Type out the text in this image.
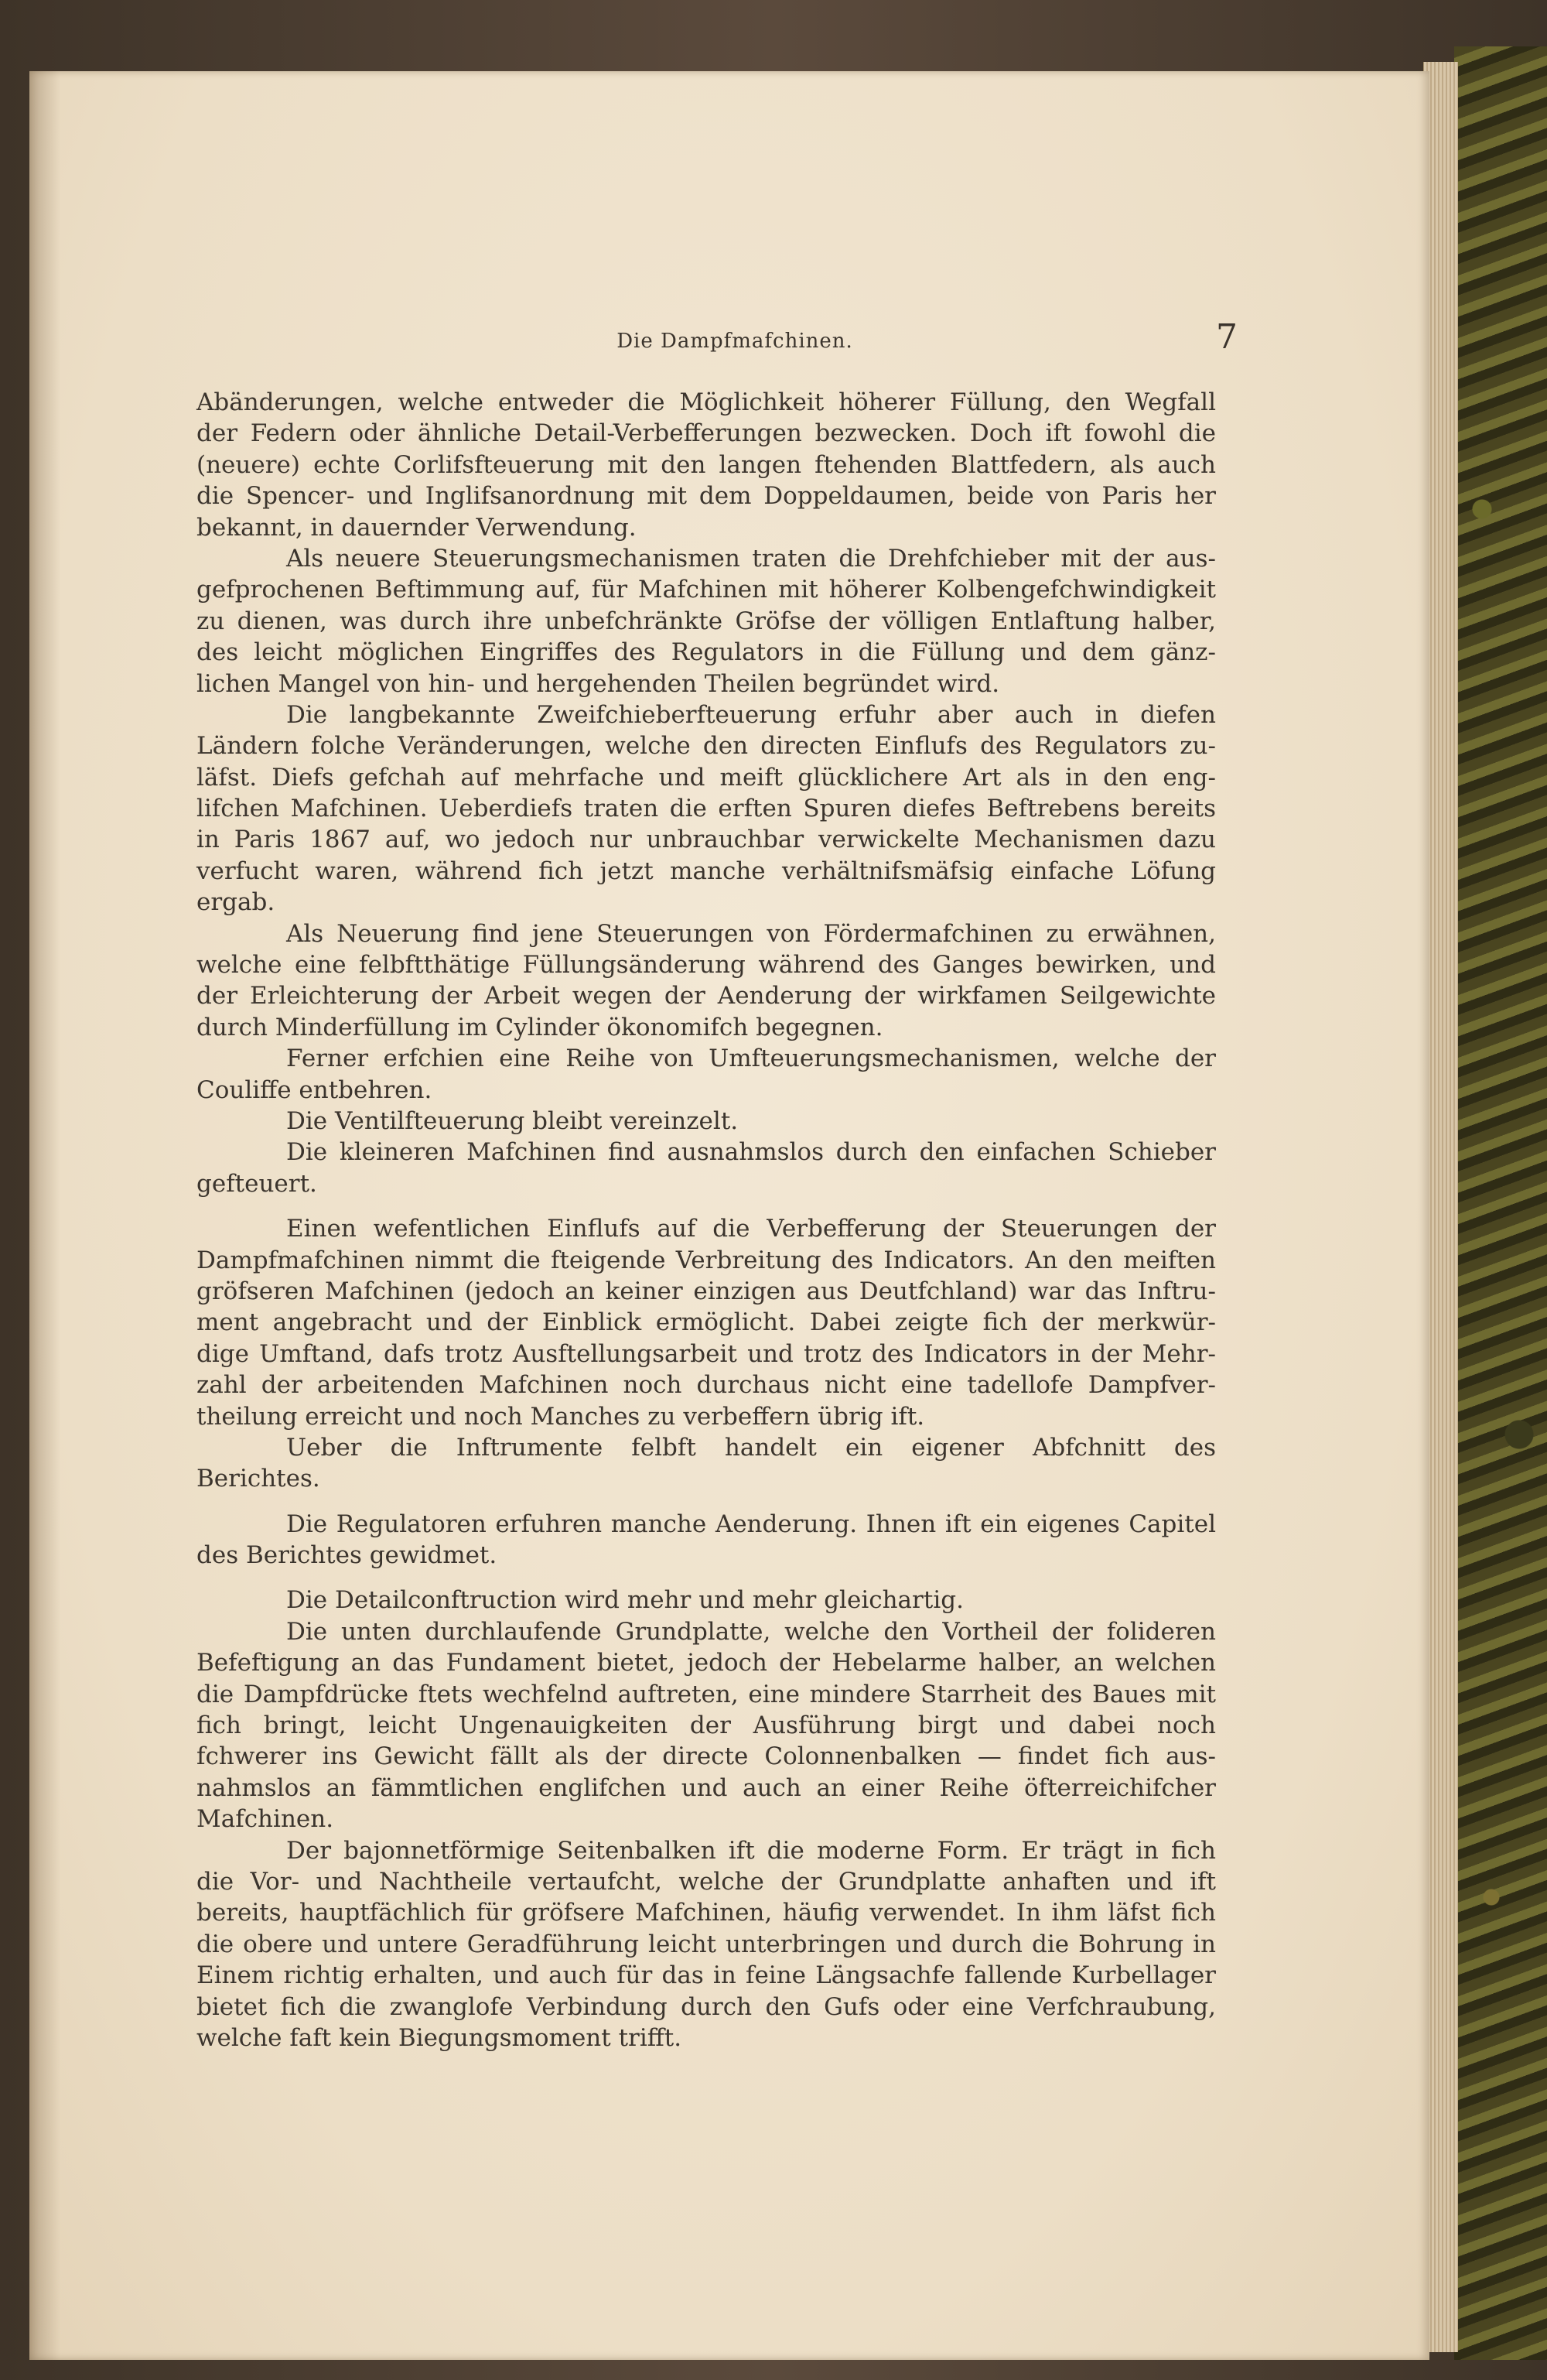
Die Dampfmafchinen.	7
Abänderungen, welche entweder die Möglichkeit höherer Füllung, den Wegfall
der Federn oder ähnliche Detail-Verbefferungen bezwecken. Doch ift fowohl die
(neuere) echte Corlifsfteuerung mit den langen ftehenden Blattfedern, als auch
die Spencer- und Inglifsanordnung mit dem Doppeldaumen, beide von Paris her
bekannt, in dauernder Verwendung.
Als neuere Steuerungsmechanismen traten die Drehfchieber mit der aus-
gefprochenen Beftimmung auf, für Mafchinen mit höherer Kolbengefchwindigkeit
zu dienen, was durch ihre unbefchränkte Gröfse der völligen Entlaftung halber,
des leicht möglichen Eingriffes des Regulators in die Füllung und dem gänz-
lichen Mangel von hin- und hergehenden Theilen begründet wird.
Die langbekannte Zweifchieberfteuerung erfuhr aber auch in diefen
Ländern folche Veränderungen, welche den directen Einflufs des Regulators zu-
läfst. Diefs gefchah auf mehrfache und meift glücklichere Art als in den eng-
lifchen Mafchinen. Ueberdiefs traten die erften Spuren diefes Beftrebens bereits
in Paris 1867 auf, wo jedoch nur unbrauchbar verwickelte Mechanismen dazu
verfucht waren, während fich jetzt manche verhältnifsmäfsig einfache Löfung
ergab.
Als Neuerung find jene Steuerungen von Fördermafchinen zu erwähnen,
welche eine felbftthätige Füllungsänderung während des Ganges bewirken, und
der Erleichterung der Arbeit wegen der Aenderung der wirkfamen Seilgewichte
durch Minderfüllung im Cylinder ökonomifch begegnen.
Ferner erfchien eine Reihe von Umfteuerungsmechanismen, welche der
Couliffe entbehren.
Die Ventilfteuerung bleibt vereinzelt.
Die kleineren Mafchinen find ausnahmslos durch den einfachen Schieber
gefteuert.
Einen wefentlichen Einflufs auf die Verbefferung der Steuerungen der
Dampfmafchinen nimmt die fteigende Verbreitung des Indicators. An den meiften
gröfseren Mafchinen (jedoch an keiner einzigen aus Deutfchland) war das Inftru-
ment angebracht und der Einblick ermöglicht. Dabei zeigte fich der merkwür-
dige Umftand, dafs trotz Ausftellungsarbeit und trotz des Indicators in der Mehr-
zahl der arbeitenden Mafchinen noch durchaus nicht eine tadellofe Dampfver-
theilung erreicht und noch Manches zu verbeffern übrig ift.
Ueber die Inftrumente felbft handelt ein eigener Abfchnitt des
Berichtes.
Die Regulatoren erfuhren manche Aenderung. Ihnen ift ein eigenes Capitel
des Berichtes gewidmet.
Die Detailconftruction wird mehr und mehr gleichartig.
Die unten durchlaufende Grundplatte, welche den Vortheil der folideren
Befeftigung an das Fundament bietet, jedoch der Hebelarme halber, an welchen
die Dampfdrücke ftets wechfelnd auftreten, eine mindere Starrheit des Baues mit
fich bringt, leicht Ungenauigkeiten der Ausführung birgt und dabei noch
fchwerer ins Gewicht fällt als der directe Colonnenbalken — findet fich aus-
nahmslos an fämmtlichen englifchen und auch an einer Reihe öfterreichifcher
Mafchinen.
Der bajonnetförmige Seitenbalken ift die moderne Form. Er trägt in fich
die Vor- und Nachtheile vertaufcht, welche der Grundplatte anhaften und ift
bereits, hauptfächlich für gröfsere Mafchinen, häufig verwendet. In ihm läfst fich
die obere und untere Geradführung leicht unterbringen und durch die Bohrung in
Einem richtig erhalten, und auch für das in feine Längsachfe fallende Kurbellager
bietet fich die zwanglofe Verbindung durch den Gufs oder eine Verfchraubung,
welche faft kein Biegungsmoment trifft.
